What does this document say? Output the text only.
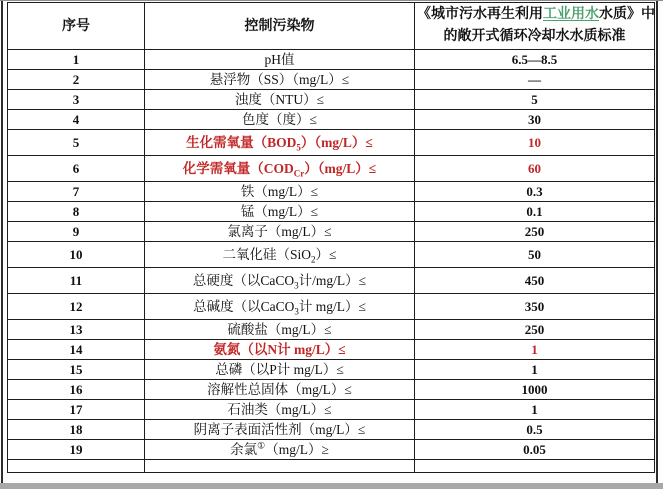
序号	控制污染物	《城市污水再生利用工业用水水质》中
的敞开式循环冷却水水质标准

1	pH值	6.5—8.5
2	悬浮物（SS）（mg/L）≤	—
3	浊度（NTU）≤	5
4	色度（度）≤	30
5	生化需氧量$(BOD_5)(mg/L)\le$	10
6	化学需氧量$(COD_{Cr})(mg/L)\le$	60
7	铁（mg/L）≤	0.3
8	锰（mg/L）≤	0.1
9	氯离子（mg/L）≤	250
10	二氧化硅（SiO$_2$）≤	50
11	总硬度（以CaCO$_3$计/mg/L）≤	450
12	总碱度（以CaCO$_3$计 mg/L）≤	350
13	硫酸盐（mg/L）≤	250
14	氨氮（以N计 mg/L）≤	1
15	总磷（以P计 mg/L）≤	1
16	溶解性总固体（mg/L）≤	1000
17	石油类（mg/L）≤	1
18	阴离子表面活性剂（mg/L）≤	0.5
19	余氯①（mg/L）≥	0.05
